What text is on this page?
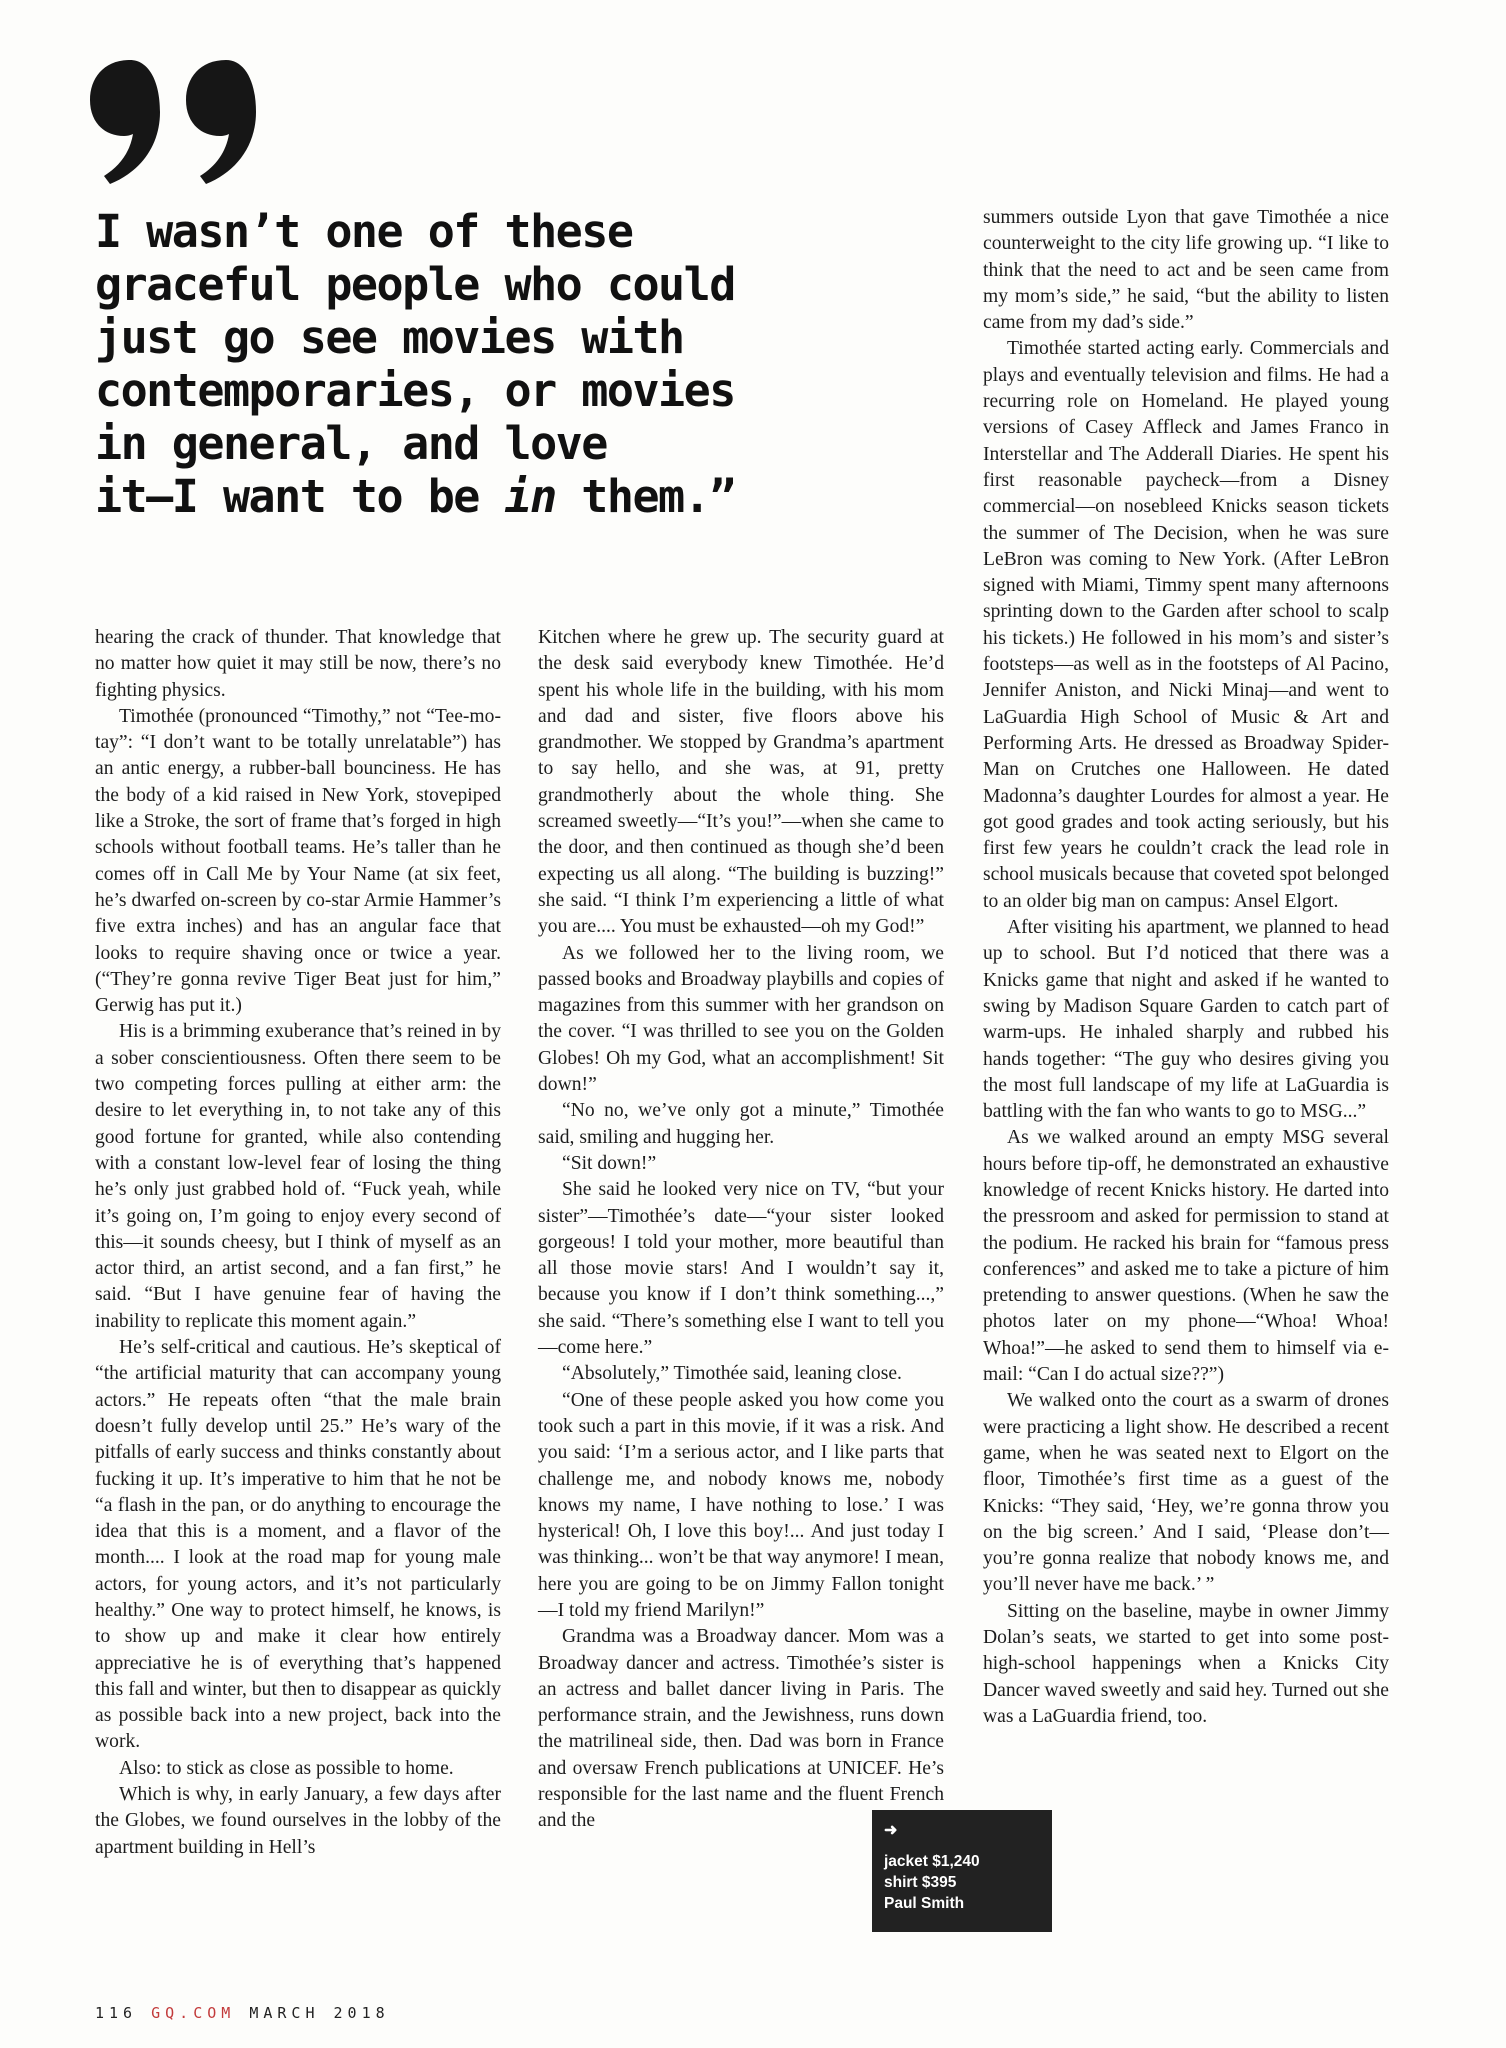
I wasn’t one of these
graceful people who could
just go see movies with
contemporaries, or movies
in general, and love
it—I want to be in them.”

hearing the crack of thunder. That knowledge that no matter how quiet it may still be now, there’s no fighting physics.

Timothée (pronounced “Timothy,” not “Tee-mo-tay”: “I don’t want to be totally unrelatable”) has an antic energy, a rubber-ball bounciness. He has the body of a kid raised in New York, stovepiped like a Stroke, the sort of frame that’s forged in high schools without football teams. He’s taller than he comes off in Call Me by Your Name (at six feet, he’s dwarfed on-screen by co-star Armie Hammer’s five extra inches) and has an angular face that looks to require shaving once or twice a year. (“They’re gonna revive Tiger Beat just for him,” Gerwig has put it.)

His is a brimming exuberance that’s reined in by a sober conscientiousness. Often there seem to be two competing forces pulling at either arm: the desire to let everything in, to not take any of this good fortune for granted, while also contending with a constant low-level fear of losing the thing he’s only just grabbed hold of. “Fuck yeah, while it’s going on, I’m going to enjoy every second of this—it sounds cheesy, but I think of myself as an actor third, an artist second, and a fan first,” he said. “But I have genuine fear of having the inability to replicate this moment again.”

He’s self-critical and cautious. He’s skeptical of “the artificial maturity that can accompany young actors.” He repeats often “that the male brain doesn’t fully develop until 25.” He’s wary of the pitfalls of early success and thinks constantly about fucking it up. It’s imperative to him that he not be “a flash in the pan, or do anything to encourage the idea that this is a moment, and a flavor of the month.... I look at the road map for young male actors, for young actors, and it’s not particularly healthy.” One way to protect himself, he knows, is to show up and make it clear how entirely appreciative he is of everything that’s happened this fall and winter, but then to disappear as quickly as possible back into a new project, back into the work.

Also: to stick as close as possible to home.

Which is why, in early January, a few days after the Globes, we found ourselves in the lobby of the apartment building in Hell’s

Kitchen where he grew up. The security guard at the desk said everybody knew Timothée. He’d spent his whole life in the building, with his mom and dad and sister, five floors above his grandmother. We stopped by Grandma’s apartment to say hello, and she was, at 91, pretty grandmotherly about the whole thing. She screamed sweetly—“It’s you!”—when she came to the door, and then continued as though she’d been expecting us all along. “The building is buzzing!” she said. “I think I’m experiencing a little of what you are.... You must be exhausted—oh my God!”

As we followed her to the living room, we passed books and Broadway playbills and copies of magazines from this summer with her grandson on the cover. “I was thrilled to see you on the Golden Globes! Oh my God, what an accomplishment! Sit down!”

“No no, we’ve only got a minute,” Timothée said, smiling and hugging her.

“Sit down!”

She said he looked very nice on TV, “but your sister”—Timothée’s date—“your sister looked gorgeous! I told your mother, more beautiful than all those movie stars! And I wouldn’t say it, because you know if I don’t think something...,” she said. “There’s something else I want to tell you—come here.”

“Absolutely,” Timothée said, leaning close.

“One of these people asked you how come you took such a part in this movie, if it was a risk. And you said: ‘I’m a serious actor, and I like parts that challenge me, and nobody knows me, nobody knows my name, I have nothing to lose.’ I was hysterical! Oh, I love this boy!... And just today I was thinking... won’t be that way anymore! I mean, here you are going to be on Jimmy Fallon tonight—I told my friend Marilyn!”

Grandma was a Broadway dancer. Mom was a Broadway dancer and actress. Timothée’s sister is an actress and ballet dancer living in Paris. The performance strain, and the Jewishness, runs down the matrilineal side, then. Dad was born in France and oversaw French publications at UNICEF. He’s responsible for the last name and the fluent French and the

summers outside Lyon that gave Timothée a nice counterweight to the city life growing up. “I like to think that the need to act and be seen came from my mom’s side,” he said, “but the ability to listen came from my dad’s side.”

Timothée started acting early. Commercials and plays and eventually television and films. He had a recurring role on Homeland. He played young versions of Casey Affleck and James Franco in Interstellar and The Adderall Diaries. He spent his first reasonable paycheck—from a Disney commercial—on nosebleed Knicks season tickets the summer of The Decision, when he was sure LeBron was coming to New York. (After LeBron signed with Miami, Timmy spent many afternoons sprinting down to the Garden after school to scalp his tickets.) He followed in his mom’s and sister’s footsteps—as well as in the footsteps of Al Pacino, Jennifer Aniston, and Nicki Minaj—and went to LaGuardia High School of Music & Art and Performing Arts. He dressed as Broadway Spider-Man on Crutches one Halloween. He dated Madonna’s daughter Lourdes for almost a year. He got good grades and took acting seriously, but his first few years he couldn’t crack the lead role in school musicals because that coveted spot belonged to an older big man on campus: Ansel Elgort.

After visiting his apartment, we planned to head up to school. But I’d noticed that there was a Knicks game that night and asked if he wanted to swing by Madison Square Garden to catch part of warm-ups. He inhaled sharply and rubbed his hands together: “The guy who desires giving you the most full landscape of my life at LaGuardia is battling with the fan who wants to go to MSG...”

As we walked around an empty MSG several hours before tip-off, he demonstrated an exhaustive knowledge of recent Knicks history. He darted into the pressroom and asked for permission to stand at the podium. He racked his brain for “famous press conferences” and asked me to take a picture of him pretending to answer questions. (When he saw the photos later on my phone—“Whoa! Whoa! Whoa!”—he asked to send them to himself via e-mail: “Can I do actual size??”)

We walked onto the court as a swarm of drones were practicing a light show. He described a recent game, when he was seated next to Elgort on the floor, Timothée’s first time as a guest of the Knicks: “They said, ‘Hey, we’re gonna throw you on the big screen.’ And I said, ‘Please don’t—you’re gonna realize that nobody knows me, and you’ll never have me back.’ ”

Sitting on the baseline, maybe in owner Jimmy Dolan’s seats, we started to get into some post-high-school happenings when a Knicks City Dancer waved sweetly and said hey. Turned out she was a LaGuardia friend, too.

➜
jacket $1,240
shirt $395
Paul Smith
116 GQ.COM MARCH 2018
